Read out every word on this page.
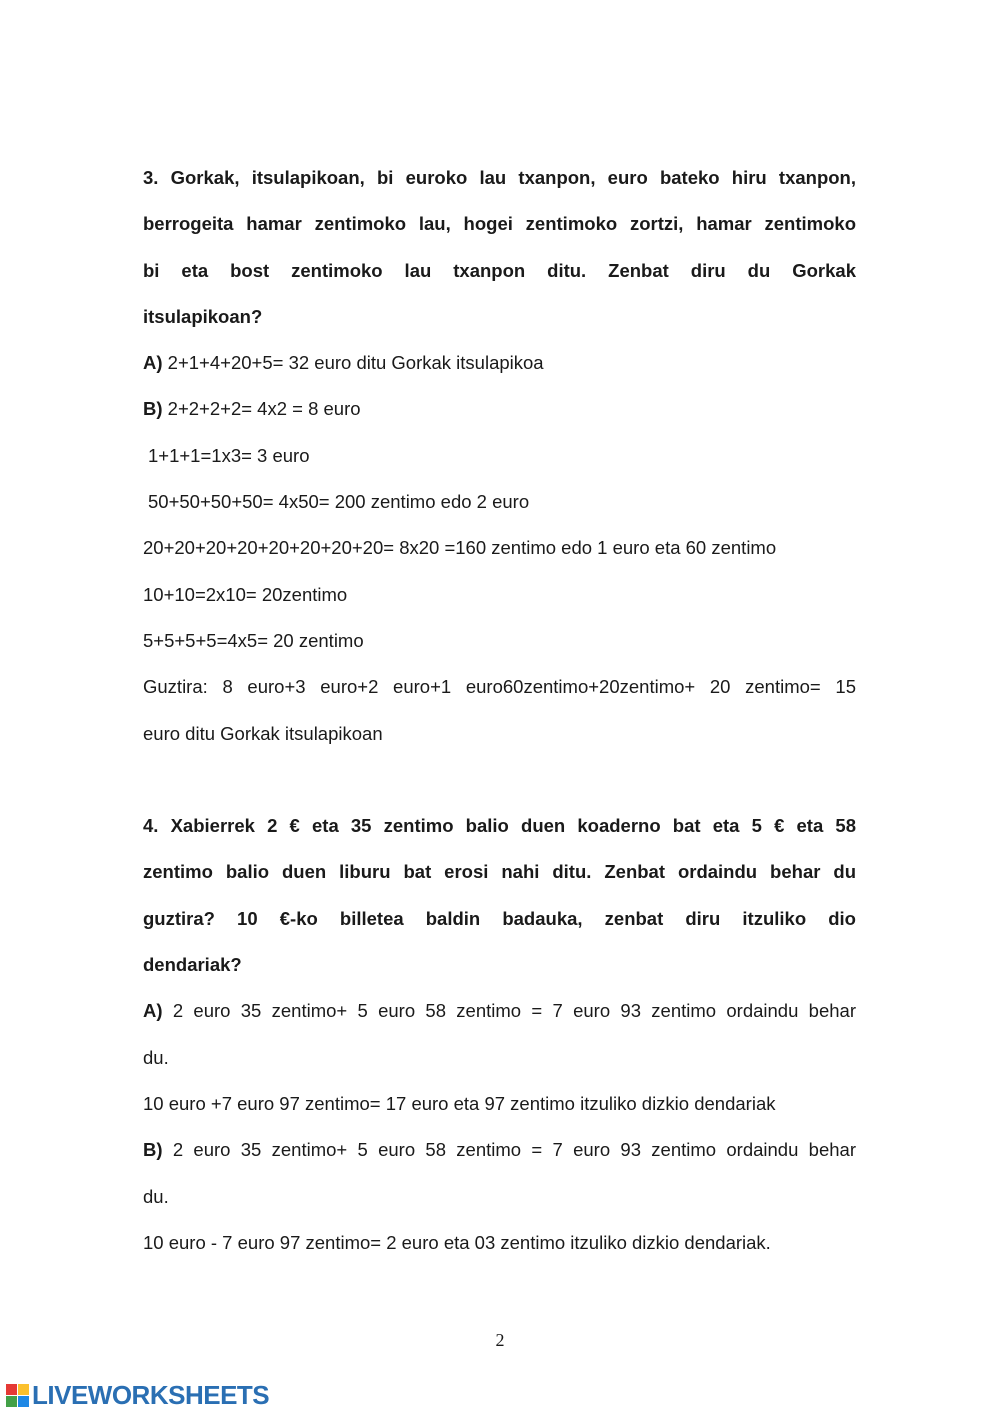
3. Gorkak, itsulapikoan, bi euroko lau txanpon, euro bateko hiru txanpon,
berrogeita hamar zentimoko lau, hogei zentimoko zortzi, hamar zentimoko
bi eta bost zentimoko lau txanpon ditu. Zenbat diru du Gorkak
itsulapikoan?
A) 2+1+4+20+5= 32 euro ditu Gorkak itsulapikoa
B) 2+2+2+2= 4x2 = 8 euro
1+1+1=1x3= 3 euro
50+50+50+50= 4x50= 200 zentimo edo 2 euro
20+20+20+20+20+20+20+20= 8x20 =160 zentimo edo 1 euro eta 60 zentimo
10+10=2x10= 20zentimo
5+5+5+5=4x5= 20 zentimo
Guztira: 8 euro+3 euro+2 euro+1 euro60zentimo+20zentimo+ 20 zentimo= 15
euro ditu Gorkak itsulapikoan
4. Xabierrek 2 € eta 35 zentimo balio duen koaderno bat eta 5 € eta 58
zentimo balio duen liburu bat erosi nahi ditu. Zenbat ordaindu behar du
guztira? 10 €-ko billetea baldin badauka, zenbat diru itzuliko dio
dendariak?
A) 2 euro 35 zentimo+ 5 euro 58 zentimo = 7 euro 93 zentimo ordaindu behar
du.
10 euro +7 euro 97 zentimo= 17 euro eta 97 zentimo itzuliko dizkio dendariak
B) 2 euro 35 zentimo+ 5 euro 58 zentimo = 7 euro 93 zentimo ordaindu behar
du.
10 euro - 7 euro 97 zentimo= 2 euro eta 03 zentimo itzuliko dizkio dendariak.
2
LIVEWORKSHEETS
